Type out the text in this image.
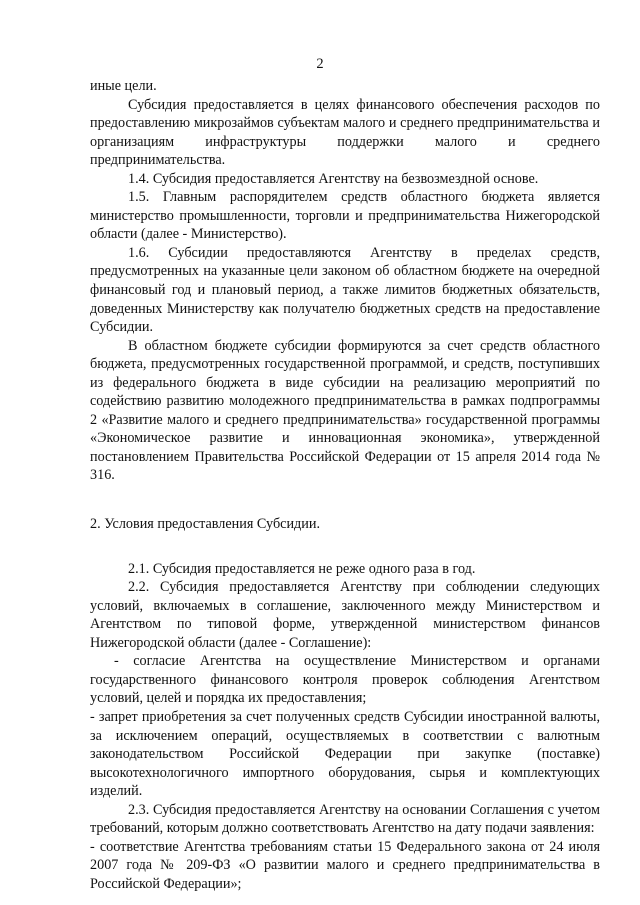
2

иные цели.

Субсидия предоставляется в целях финансового обеспечения расходов по предоставлению микрозаймов субъектам малого и среднего предпринимательства и организациям инфраструктуры поддержки малого и среднего предпринимательства.

1.4. Субсидия предоставляется Агентству на безвозмездной основе.

1.5. Главным распорядителем средств областного бюджета является министерство промышленности, торговли и предпринимательства Нижегородской области (далее - Министерство).

1.6. Субсидии предоставляются Агентству в пределах средств, предусмотренных на указанные цели законом об областном бюджете на очередной финансовый год и плановый период, а также лимитов бюджетных обязательств, доведенных Министерству как получателю бюджетных средств на предоставление Субсидии.

В областном бюджете субсидии формируются за счет средств областного бюджета, предусмотренных государственной программой, и средств, поступивших из федерального бюджета в виде субсидии на реализацию мероприятий по содействию развитию молодежного предпринимательства в рамках подпрограммы 2 «Развитие малого и среднего предпринимательства» государственной программы «Экономическое развитие и инновационная экономика», утвержденной постановлением Правительства Российской Федерации от 15 апреля 2014 года № 316.

2. Условия предоставления Субсидии.

2.1. Субсидия предоставляется не реже одного раза в год.

2.2. Субсидия предоставляется Агентству при соблюдении следующих условий, включаемых в соглашение, заключенного между Министерством и Агентством по типовой форме, утвержденной министерством финансов Нижегородской области (далее - Соглашение):

- согласие Агентства на осуществление Министерством и органами государственного финансового контроля проверок соблюдения Агентством условий, целей и порядка их предоставления;

- запрет приобретения за счет полученных средств Субсидии иностранной валюты, за исключением операций, осуществляемых в соответствии с валютным законодательством Российской Федерации при закупке (поставке) высокотехнологичного импортного оборудования, сырья и комплектующих изделий.

2.3. Субсидия предоставляется Агентству на основании Соглашения с учетом требований, которым должно соответствовать Агентство на дату подачи заявления:

- соответствие Агентства требованиям статьи 15 Федерального закона от 24 июля 2007 года № 209-ФЗ «О развитии малого и среднего предпринимательства в Российской Федерации»;
